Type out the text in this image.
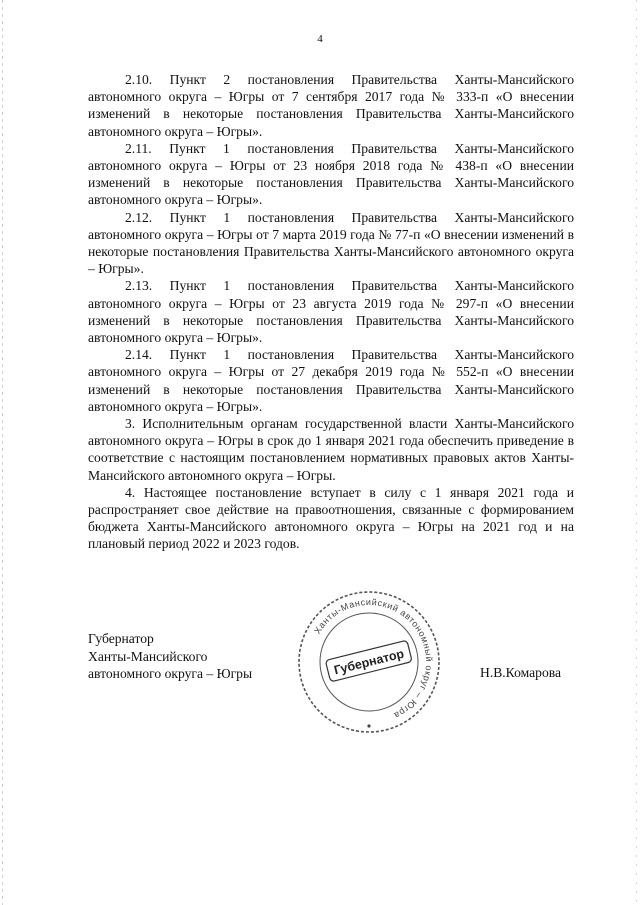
4

2.10. Пункт 2 постановления Правительства Ханты-Мансийского автономного округа – Югры от 7 сентября 2017 года № 333-п «О внесении изменений в некоторые постановления Правительства Ханты-Мансийского автономного округа – Югры».

2.11. Пункт 1 постановления Правительства Ханты-Мансийского автономного округа – Югры от 23 ноября 2018 года № 438-п «О внесении изменений в некоторые постановления Правительства Ханты-Мансийского автономного округа – Югры».

2.12. Пункт 1 постановления Правительства Ханты-Мансийского автономного округа – Югры от 7 марта 2019 года № 77-п «О внесении изменений в некоторые постановления Правительства Ханты-Мансийского автономного округа – Югры».

2.13. Пункт 1 постановления Правительства Ханты-Мансийского автономного округа – Югры от 23 августа 2019 года № 297-п «О внесении изменений в некоторые постановления Правительства Ханты-Мансийского автономного округа – Югры».

2.14. Пункт 1 постановления Правительства Ханты-Мансийского автономного округа – Югры от 27 декабря 2019 года № 552-п «О внесении изменений в некоторые постановления Правительства Ханты-Мансийского автономного округа – Югры».

3. Исполнительным органам государственной власти Ханты-Мансийского автономного округа – Югры в срок до 1 января 2021 года обеспечить приведение в соответствие с настоящим постановлением нормативных правовых актов Ханты-Мансийского автономного округа – Югры.

4. Настоящее постановление вступает в силу с 1 января 2021 года и распространяет свое действие на правоотношения, связанные с формированием бюджета Ханты-Мансийского автономного округа – Югры на 2021 год и на плановый период 2022 и 2023 годов.

Губернатор
Ханты-Мансийского
автономного округа – Югры
Ханты-Мансийский автономный округ – Югра
Губернатор	Н.В.Комарова
